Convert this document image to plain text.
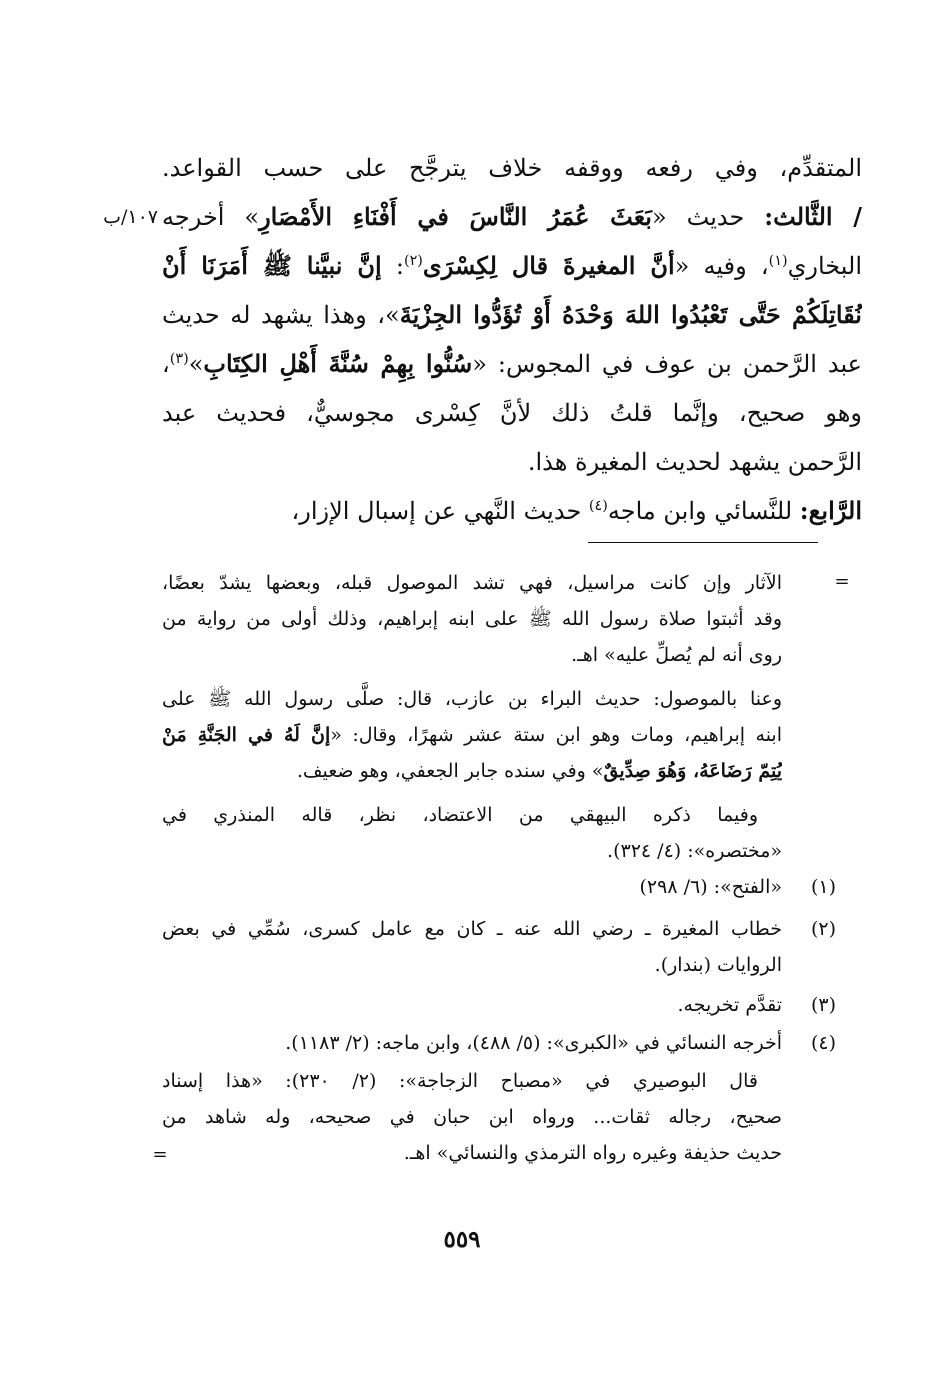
المتقدِّم، وفي رفعه ووقفه خلاف يترجَّح على حسب القواعد.
/ الثَّالث: حديث «بَعَثَ عُمَرُ النَّاسَ في أَفْنَاءِ الأَمْصَارِ» أخرجه
١٠٧/ب
البخاري$^{(١)}$، وفيه «أنَّ المغيرةَ قال لِكِسْرَى$^{(٢)}$: إنَّ نبيَّنا ﷺ أَمَرَنَا أَنْ
نُقَاتِلَكُمْ حَتَّى تَعْبُدُوا اللهَ وَحْدَهُ أَوْ تُؤَدُّوا الجِزْيَةَ»، وهذا يشهد له حديث
عبد الرَّحمن بن عوف في المجوس: «سُنُّوا بِهِمْ سُنَّةَ أَهْلِ الكِتَابِ»$^{(٣)}$،
وهو صحيح، وإنَّما قلتُ ذلك لأنَّ كِسْرى مجوسيٌّ، فحديث عبد
الرَّحمن يشهد لحديث المغيرة هذا.
الرَّابع: للنَّسائي وابن ماجه$^{(٤)}$ حديث النَّهي عن إسبال الإزار،
=
=
الآثار وإن كانت مراسيل، فهي تشد الموصول قبله، وبعضها يشدّ بعضًا،
وقد أثبتوا صلاة رسول الله ﷺ على ابنه إبراهيم، وذلك أولى من رواية من
روى أنه لم يُصلِّ عليه» اهـ.
وعنا بالموصول: حديث البراء بن عازب، قال: صلَّى رسول الله ﷺ على
ابنه إبراهيم، ومات وهو ابن ستة عشر شهرًا، وقال: «إنَّ لَهُ في الجَنَّةِ مَنْ
يُتِمّ رَضَاعَهُ، وَهُوَ صِدِّيقٌ» وفي سنده جابر الجعفي، وهو ضعيف.
وفيما ذكره البيهقي من الاعتضاد، نظر، قاله المنذري في
«مختصره»: (٤/ ٣٢٤).
(١)
«الفتح»: (٦/ ٢٩٨)
(٢)
خطاب المغيرة ـ رضي الله عنه ـ كان مع عامل كسرى، سُمِّي في بعض
الروايات (بندار).
(٣)
تقدَّم تخريجه.
(٤)
أخرجه النسائي في «الكبرى»: (٥/ ٤٨٨)، وابن ماجه: (٢/ ١١٨٣).
قال البوصيري في «مصباح الزجاجة»: (٢/ ٢٣٠): «هذا إسناد
صحيح، رجاله ثقات... ورواه ابن حبان في صحيحه، وله شاهد من
حديث حذيفة وغيره رواه الترمذي والنسائي» اهـ.
٥٥٩
